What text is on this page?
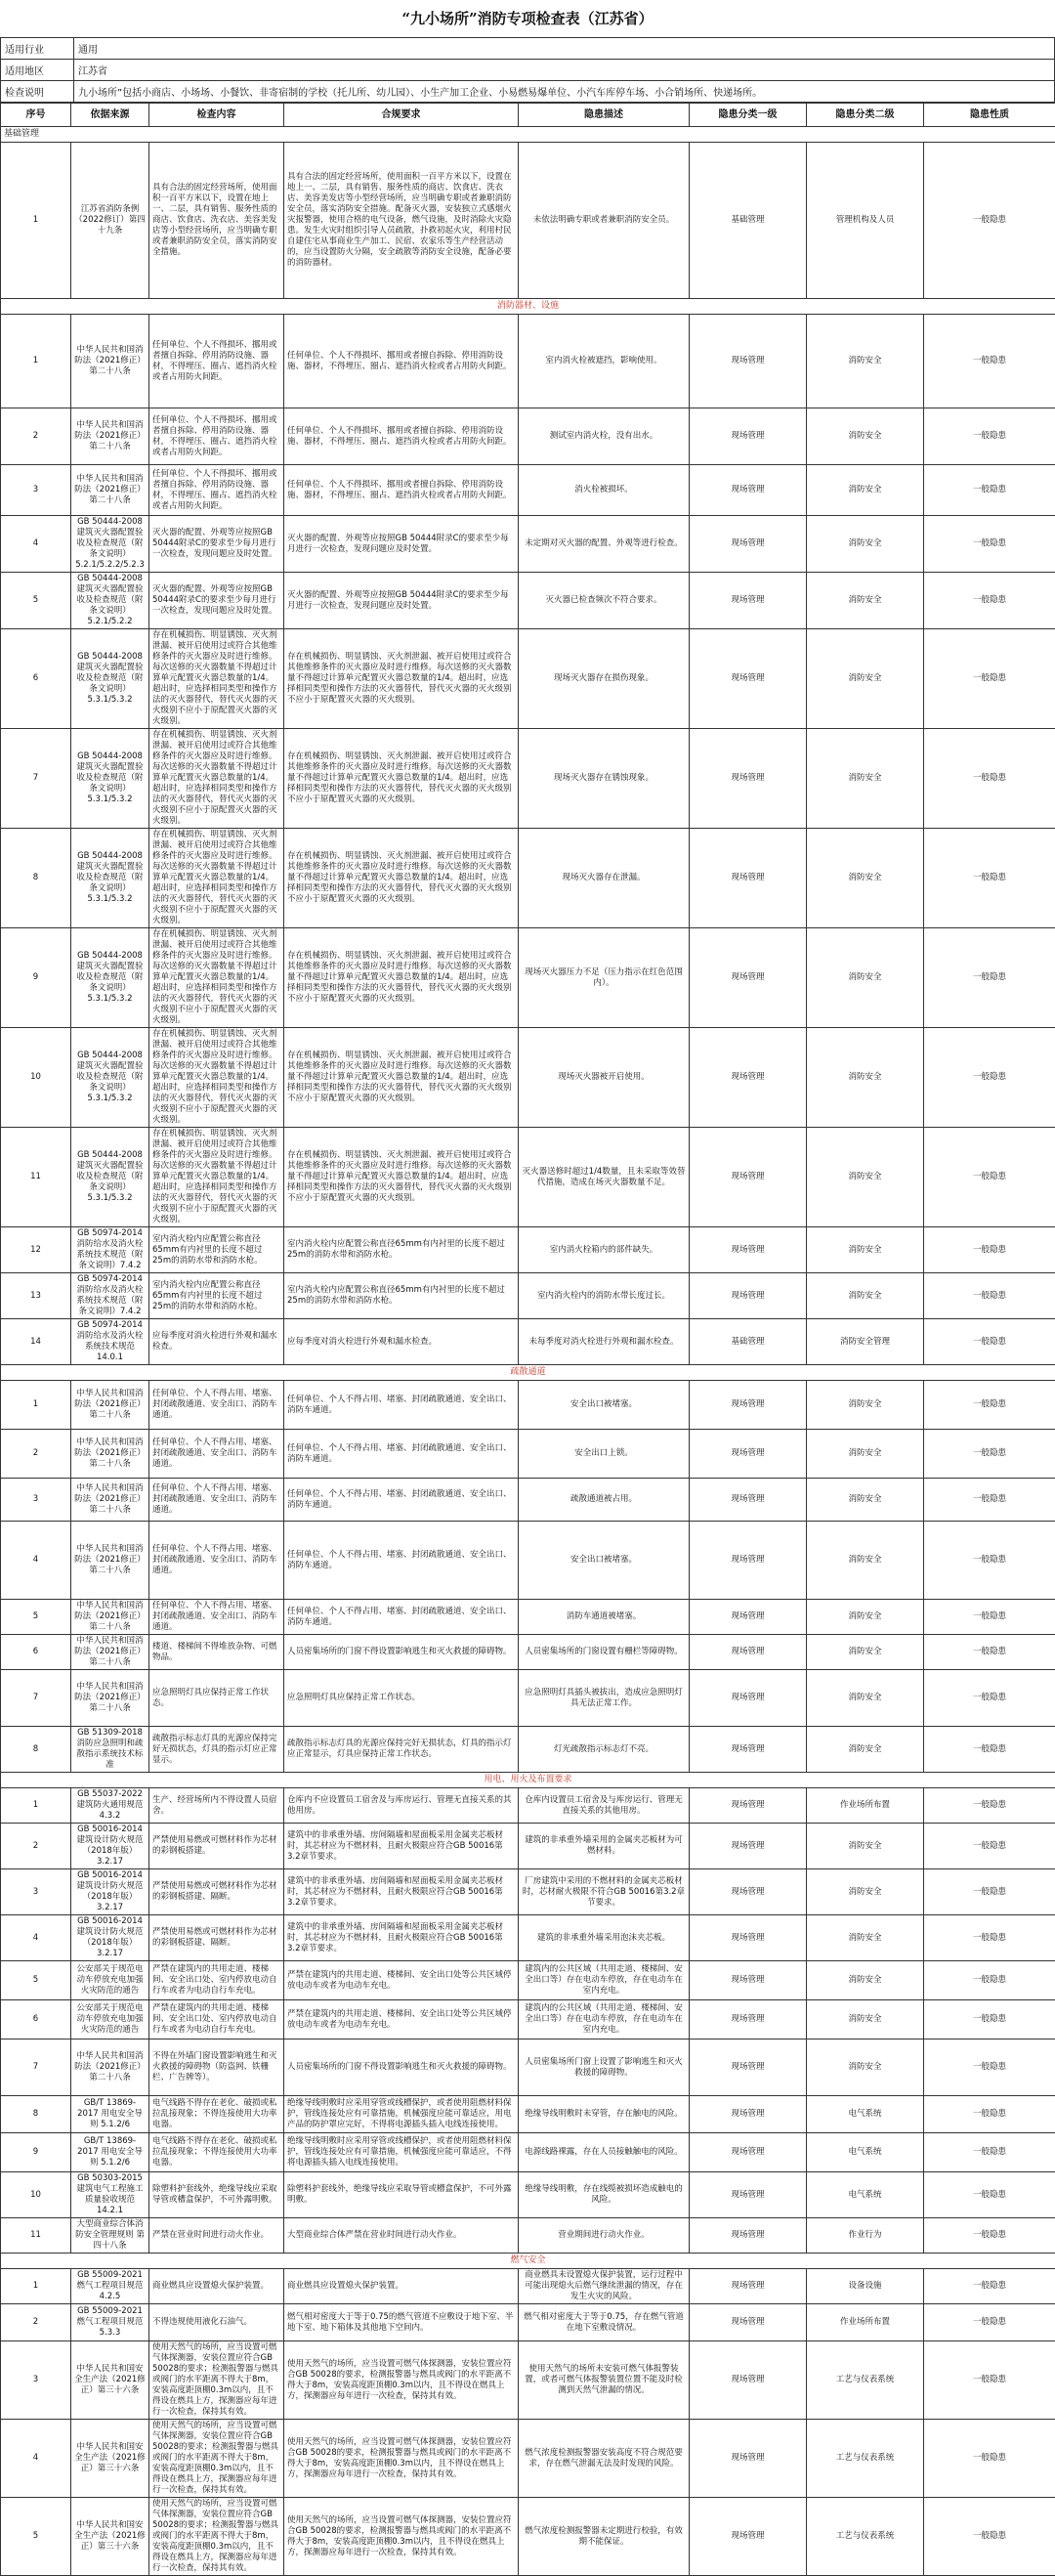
“九小场所”消防专项检查表（江苏省）
适用行业	通用
适用地区	江苏省
检查说明	九小场所”包括小商店、小场场、小餐饮、非寄宿制的学校（托儿所、幼儿园）、小生产加工企业、小易燃易爆单位、小汽车库停车场、小合销场所、快递场所。
序号	依据来源	检查内容	合规要求	隐患描述	隐患分类一级	隐患分类二级	隐患性质
基础管理							
1	江苏省消防条例（2022修订）第四十九条	具有合法的固定经营场所，使用面积一百平方米以下，设置在地上一、二层，具有销售、服务性质的商店、饮食店、洗衣店、美容美发店等小型经营场所，应当明确专职或者兼职消防安全员，落实消防安全措施。	具有合法的固定经营场所，使用面积一百平方米以下，设置在地上一、二层，具有销售、服务性质的商店、饮食店、洗衣店、美容美发店等小型经营场所，应当明确专职或者兼职消防安全员，落实消防安全措施。配备灭火器，安装独立式感烟火灾报警器，使用合格的电气设备，燃气设施，及时消除火灾隐患。发生火灾时组织引导人员疏散，扑救初起火灾，利用村民自建住宅从事商业生产加工、民宿、农家乐等生产经营活动的，应当设置防火分隔，安全疏散等消防安全设施，配备必要的消防器材。	未依法明确专职或者兼职消防安全员。	基础管理	管理机构及人员	一般隐患
消防器材、设施							
1	中华人民共和国消防法（2021修正）第二十八条	任何单位、个人不得损坏、挪用或者擅自拆除、停用消防设施、器材，不得埋压、圈占、遮挡消火栓或者占用防火间距。	任何单位、个人不得损坏、挪用或者擅自拆除、停用消防设施、器材，不得埋压、圈占、遮挡消火栓或者占用防火间距。	室内消火栓被遮挡，影响使用。	现场管理	消防安全	一般隐患
2	中华人民共和国消防法（2021修正）第二十八条	任何单位、个人不得损坏、挪用或者擅自拆除、停用消防设施、器材，不得埋压、圈占、遮挡消火栓或者占用防火间距。	任何单位、个人不得损坏、挪用或者擅自拆除、停用消防设施、器材，不得埋压、圈占、遮挡消火栓或者占用防火间距。	测试室内消火栓，没有出水。	现场管理	消防安全	一般隐患
3	中华人民共和国消防法（2021修正）第二十八条	任何单位、个人不得损坏、挪用或者擅自拆除、停用消防设施、器材，不得埋压、圈占、遮挡消火栓或者占用防火间距。	任何单位、个人不得损坏、挪用或者擅自拆除、停用消防设施、器材，不得埋压、圈占、遮挡消火栓或者占用防火间距。	消火栓被损坏。	现场管理	消防安全	一般隐患
4	GB 50444-2008 建筑灭火器配置验收及检查规范（附条文说明）5.2.1/5.2.2/5.2.3	灭火器的配置、外观等应按照GB 50444附录C的要求至少每月进行一次检查，发现问题应及时处置。	灭火器的配置、外观等应按照GB 50444附录C的要求至少每月进行一次检查，发现问题应及时处置。	未定期对灭火器的配置、外观等进行检查。	现场管理	消防安全	一般隐患
5	GB 50444-2008 建筑灭火器配置验收及检查规范（附条文说明）5.2.1/5.2.2	灭火器的配置、外观等应按照GB 50444附录C的要求至少每月进行一次检查，发现问题应及时处置。	灭火器的配置、外观等应按照GB 50444附录C的要求至少每月进行一次检查，发现问题应及时处置。	灭火器已检查频次不符合要求。	现场管理	消防安全	一般隐患
6	GB 50444-2008 建筑灭火器配置验收及检查规范（附条文说明）5.3.1/5.3.2	存在机械损伤、明显锈蚀、灭火剂泄漏、被开启使用过或符合其他维修条件的灭火器应及时进行维修。每次送修的灭火器数量不得超过计算单元配置灭火器总数量的1/4。超出时，应选择相同类型和操作方法的灭火器替代，替代灭火器的灭火级别不应小于原配置灭火器的灭火级别。	存在机械损伤、明显锈蚀、灭火剂泄漏、被开启使用过或符合其他维修条件的灭火器应及时进行维修。每次送修的灭火器数量不得超过计算单元配置灭火器总数量的1/4。超出时，应选择相同类型和操作方法的灭火器替代，替代灭火器的灭火级别不应小于原配置灭火器的灭火级别。	现场灭火器存在损伤现象。	现场管理	消防安全	一般隐患
7	GB 50444-2008 建筑灭火器配置验收及检查规范（附条文说明）5.3.1/5.3.2	存在机械损伤、明显锈蚀、灭火剂泄漏、被开启使用过或符合其他维修条件的灭火器应及时进行维修。每次送修的灭火器数量不得超过计算单元配置灭火器总数量的1/4。超出时，应选择相同类型和操作方法的灭火器替代，替代灭火器的灭火级别不应小于原配置灭火器的灭火级别。	存在机械损伤、明显锈蚀、灭火剂泄漏、被开启使用过或符合其他维修条件的灭火器应及时进行维修。每次送修的灭火器数量不得超过计算单元配置灭火器总数量的1/4。超出时，应选择相同类型和操作方法的灭火器替代，替代灭火器的灭火级别不应小于原配置灭火器的灭火级别。	现场灭火器存在锈蚀现象。	现场管理	消防安全	一般隐患
8	GB 50444-2008 建筑灭火器配置验收及检查规范（附条文说明）5.3.1/5.3.2	存在机械损伤、明显锈蚀、灭火剂泄漏、被开启使用过或符合其他维修条件的灭火器应及时进行维修。每次送修的灭火器数量不得超过计算单元配置灭火器总数量的1/4。超出时，应选择相同类型和操作方法的灭火器替代，替代灭火器的灭火级别不应小于原配置灭火器的灭火级别。	存在机械损伤、明显锈蚀、灭火剂泄漏、被开启使用过或符合其他维修条件的灭火器应及时进行维修。每次送修的灭火器数量不得超过计算单元配置灭火器总数量的1/4。超出时，应选择相同类型和操作方法的灭火器替代，替代灭火器的灭火级别不应小于原配置灭火器的灭火级别。	现场灭火器存在泄漏。	现场管理	消防安全	一般隐患
9	GB 50444-2008 建筑灭火器配置验收及检查规范（附条文说明）5.3.1/5.3.2	存在机械损伤、明显锈蚀、灭火剂泄漏、被开启使用过或符合其他维修条件的灭火器应及时进行维修。每次送修的灭火器数量不得超过计算单元配置灭火器总数量的1/4。超出时，应选择相同类型和操作方法的灭火器替代，替代灭火器的灭火级别不应小于原配置灭火器的灭火级别。	存在机械损伤、明显锈蚀、灭火剂泄漏、被开启使用过或符合其他维修条件的灭火器应及时进行维修。每次送修的灭火器数量不得超过计算单元配置灭火器总数量的1/4。超出时，应选择相同类型和操作方法的灭火器替代，替代灭火器的灭火级别不应小于原配置灭火器的灭火级别。	现场灭火器压力不足（压力指示在红色范围内）。	现场管理	消防安全	一般隐患
10	GB 50444-2008 建筑灭火器配置验收及检查规范（附条文说明）5.3.1/5.3.2	存在机械损伤、明显锈蚀、灭火剂泄漏、被开启使用过或符合其他维修条件的灭火器应及时进行维修。每次送修的灭火器数量不得超过计算单元配置灭火器总数量的1/4。超出时，应选择相同类型和操作方法的灭火器替代，替代灭火器的灭火级别不应小于原配置灭火器的灭火级别。	存在机械损伤、明显锈蚀、灭火剂泄漏、被开启使用过或符合其他维修条件的灭火器应及时进行维修。每次送修的灭火器数量不得超过计算单元配置灭火器总数量的1/4。超出时，应选择相同类型和操作方法的灭火器替代，替代灭火器的灭火级别不应小于原配置灭火器的灭火级别。	现场灭火器被开启使用。	现场管理	消防安全	一般隐患
11	GB 50444-2008 建筑灭火器配置验收及检查规范（附条文说明）5.3.1/5.3.2	存在机械损伤、明显锈蚀、灭火剂泄漏、被开启使用过或符合其他维修条件的灭火器应及时进行维修。每次送修的灭火器数量不得超过计算单元配置灭火器总数量的1/4。超出时，应选择相同类型和操作方法的灭火器替代，替代灭火器的灭火级别不应小于原配置灭火器的灭火级别。	存在机械损伤、明显锈蚀、灭火剂泄漏、被开启使用过或符合其他维修条件的灭火器应及时进行维修。每次送修的灭火器数量不得超过计算单元配置灭火器总数量的1/4。超出时，应选择相同类型和操作方法的灭火器替代，替代灭火器的灭火级别不应小于原配置灭火器的灭火级别。	灭火器送修时超过1/4数量，且未采取等效替代措施，造成在场灭火器数量不足。	现场管理	消防安全	一般隐患
12	GB 50974-2014 消防给水及消火栓系统技术规范（附条文说明）7.4.2	室内消火栓内应配置公称直径65mm有内衬里的长度不超过25m的消防水带和消防水枪。	室内消火栓内应配置公称直径65mm有内衬里的长度不超过25m的消防水带和消防水枪。	室内消火栓箱内的部件缺失。	现场管理	消防安全	一般隐患
13	GB 50974-2014 消防给水及消火栓系统技术规范（附条文说明）7.4.2	室内消火栓内应配置公称直径65mm有内衬里的长度不超过25m的消防水带和消防水枪。	室内消火栓内应配置公称直径65mm有内衬里的长度不超过25m的消防水带和消防水枪。	室内消火栓内的消防水带长度过长。	现场管理	消防安全	一般隐患
14	GB 50974-2014 消防给水及消火栓系统技术规范14.0.1	应每季度对消火栓进行外观和漏水检查。	应每季度对消火栓进行外观和漏水检查。	未每季度对消火栓进行外观和漏水检查。	基础管理	消防安全管理	一般隐患
疏散通道							
1	中华人民共和国消防法（2021修正）第二十八条	任何单位、个人不得占用、堵塞、封闭疏散通道、安全出口、消防车通道。	任何单位、个人不得占用、堵塞、封闭疏散通道、安全出口、消防车通道。	安全出口被堵塞。	现场管理	消防安全	一般隐患
2	中华人民共和国消防法（2021修正）第二十八条	任何单位、个人不得占用、堵塞、封闭疏散通道、安全出口、消防车通道。	任何单位、个人不得占用、堵塞、封闭疏散通道、安全出口、消防车通道。	安全出口上锁。	现场管理	消防安全	一般隐患
3	中华人民共和国消防法（2021修正）第二十八条	任何单位、个人不得占用、堵塞、封闭疏散通道、安全出口、消防车通道。	任何单位、个人不得占用、堵塞、封闭疏散通道、安全出口、消防车通道。	疏散通道被占用。	现场管理	消防安全	一般隐患
4	中华人民共和国消防法（2021修正）第二十八条	任何单位、个人不得占用、堵塞、封闭疏散通道、安全出口、消防车通道。	任何单位、个人不得占用、堵塞、封闭疏散通道、安全出口、消防车通道。	安全出口被堵塞。	现场管理	消防安全	一般隐患
5	中华人民共和国消防法（2021修正）第二十八条	任何单位、个人不得占用、堵塞、封闭疏散通道、安全出口、消防车通道。	任何单位、个人不得占用、堵塞、封闭疏散通道、安全出口、消防车通道。	消防车通道被堵塞。	现场管理	消防安全	一般隐患
6	中华人民共和国消防法（2021修正）第二十八条	楼道、楼梯间不得堆放杂物、可燃物品。	人员密集场所的门窗不得设置影响逃生和灭火救援的障碍物。	人员密集场所的门窗设置有栅栏等障碍物。	现场管理	消防安全	一般隐患
7	中华人民共和国消防法（2021修正）第二十八条	应急照明灯具应保持正常工作状态。	应急照明灯具应保持正常工作状态。	应急照明灯具插头被拔出，造成应急照明灯具无法正常工作。	现场管理	消防安全	一般隐患
8	GB 51309-2018 消防应急照明和疏散指示系统技术标准	疏散指示标志灯具的光源应保持完好无损状态，灯具的指示灯应正常显示。	疏散指示标志灯具的光源应保持完好无损状态，灯具的指示灯应正常显示，灯具应保持正常工作状态。	灯光疏散指示标志灯不亮。	现场管理	消防安全	一般隐患
用电、用火及布置要求							
1	GB 55037-2022 建筑防火通用规范 4.3.2	生产、经营场所内不得设置人员宿舍。	仓库内不应设置员工宿舍及与库房运行、管理无直接关系的其他用房。	仓库内设置员工宿舍及与库房运行、管理无直接关系的其他用房。	现场管理	作业场所布置	一般隐患
2	GB 50016-2014 建筑设计防火规范（2018年版）3.2.17	严禁使用易燃或可燃材料作为芯材的彩钢板搭建。	建筑中的非承重外墙、房间隔墙和屋面板采用金属夹芯板材时，其芯材应为不燃材料，且耐火极限应符合GB 50016第3.2章节要求。	建筑的非承重外墙采用的金属夹芯板材为可燃材料。	现场管理	消防安全	一般隐患
3	GB 50016-2014 建筑设计防火规范（2018年版）3.2.17	严禁使用易燃或可燃材料作为芯材的彩钢板搭建、隔断。	建筑中的非承重外墙、房间隔墙和屋面板采用金属夹芯板材时，其芯材应为不燃材料，且耐火极限应符合GB 50016第3.2章节要求。	厂房建筑中采用的不燃材料的金属夹芯板材时，芯材耐火极限不符合GB 50016第3.2章节要求。	现场管理	消防安全	一般隐患
4	GB 50016-2014 建筑设计防火规范（2018年版）3.2.17	严禁使用易燃或可燃材料作为芯材的彩钢板搭建、隔断。	建筑中的非承重外墙、房间隔墙和屋面板采用金属夹芯板材时，其芯材应为不燃材料，且耐火极限应符合GB 50016第3.2章节要求。	建筑的非承重外墙采用泡沫夹芯板。	现场管理	消防安全	一般隐患
5	公安部关于规范电动车停放充电加强火灾防范的通告	严禁在建筑内的共用走道、楼梯间、安全出口处、室内停放电动自行车或者为电动自行车充电。	严禁在建筑内的共用走道、楼梯间、安全出口处等公共区域停放电动车或者为电动车充电。	建筑内的公共区域（共用走道、楼梯间、安全出口等）存在电动车停放，存在电动车在室内充电。	现场管理	消防安全	一般隐患
6	公安部关于规范电动车停放充电加强火灾防范的通告	严禁在建筑内的共用走道、楼梯间、安全出口处、室内停放电动自行车或者为电动自行车充电。	严禁在建筑内的共用走道、楼梯间、安全出口处等公共区域停放电动车或者为电动车充电。	建筑内的公共区域（共用走道、楼梯间、安全出口等）存在电动车停放，存在电动车在室内充电。	现场管理	消防安全	一般隐患
7	中华人民共和国消防法（2021修正）第二十八条	不得在外墙门窗设置影响逃生和灭火救援的障碍物（防盗网、铁栅栏、广告牌等）。	人员密集场所的门窗不得设置影响逃生和灭火救援的障碍物。	人员密集场所门窗上设置了影响逃生和灭火救援的障碍物。	现场管理	消防安全	一般隐患
8	GB/T 13869-2017 用电安全导则 5.1.2/6	电气线路不得存在老化、破损或私拉乱接现象；不得连接使用大功率电器。	绝缘导线明敷时应采用穿管或线槽保护，或者使用阻燃材料保护，管线连接处应有可靠措施，机械强度应能可靠适应，用电产品的防护罩应完好，不得将电源插头插入电线连接使用。	绝缘导线明敷时未穿管，存在触电的风险。	现场管理	电气系统	一般隐患
9	GB/T 13869-2017 用电安全导则 5.1.2/6	电气线路不得存在老化、破损或私拉乱接现象；不得连接使用大功率电器。	绝缘导线明敷时应采用穿管或线槽保护，或者使用阻燃材料保护，管线连接处应有可靠措施，机械强度应能可靠适应，不得将电源插头插入电线连接使用。	电源线路裸露，存在人员接触触电的风险。	现场管理	电气系统	一般隐患
10	GB 50303-2015 建筑电气工程施工质量验收规范 14.2.1	除塑料护套线外，绝缘导线应采取导管或槽盒保护，不可外露明敷。	除塑料护套线外，绝缘导线应采取导管或槽盒保护，不可外露明敷。	绝缘导线明敷，存在线缆被损坏造成触电的风险。	现场管理	电气系统	一般隐患
11	大型商业综合体消防安全管理规则 第四十八条	严禁在营业时间进行动火作业。	大型商业综合体严禁在营业时间进行动火作业。	营业期间进行动火作业。	现场管理	作业行为	一般隐患
燃气安全							
1	GB 55009-2021 燃气工程项目规范 4.2.5	商业燃具应设置熄火保护装置。	商业燃具应设置熄火保护装置。	商业燃具未设置熄火保护装置，运行过程中可能出现熄火后燃气继续泄漏的情况，存在发生火灾的风险。	现场管理	设备设施	一般隐患
2	GB 55009-2021 燃气工程项目规范 5.3.3	不得违规使用液化石油气。	燃气相对密度大于等于0.75的燃气管道不应敷设于地下室、半地下室、地下箱体及其他地下空间内。	燃气相对密度大于等于0.75，存在燃气管道在地下室敷设情况。	现场管理	作业场所布置	一般隐患
3	中华人民共和国安全生产法（2021修正）第三十六条	使用天然气的场所，应当设置可燃气体探测器，安装位置应符合GB 50028的要求；检测报警器与燃具或阀门的水平距离不得大于8m，安装高度距顶棚0.3m以内，且不得设在燃具上方，探测器应每年进行一次检查，保持其有效。	使用天然气的场所，应当设置可燃气体探测器，安装位置应符合GB 50028的要求，检测报警器与燃具或阀门的水平距离不得大于8m，安装高度距顶棚0.3m以内，且不得设在燃具上方，探测器应每年进行一次检查，保持其有效。	使用天然气的场所未安装可燃气体报警装置，或者可燃气体报警装置位置不能及时检测到天然气泄漏的情况。	现场管理	工艺与仪表系统	一般隐患
4	中华人民共和国安全生产法（2021修正）第三十六条	使用天然气的场所，应当设置可燃气体探测器，安装位置应符合GB 50028的要求；检测报警器与燃具或阀门的水平距离不得大于8m，安装高度距顶棚0.3m以内，且不得设在燃具上方，探测器应每年进行一次检查，保持其有效。	使用天然气的场所，应当设置可燃气体探测器，安装位置应符合GB 50028的要求，检测报警器与燃具或阀门的水平距离不得大于8m，安装高度距顶棚0.3m以内，且不得设在燃具上方，探测器应每年进行一次检查，保持其有效。	燃气浓度检测报警器安装高度不符合规范要求，存在燃气泄漏无法及时发现的风险。	现场管理	工艺与仪表系统	一般隐患
5	中华人民共和国安全生产法（2021修正）第三十六条	使用天然气的场所，应当设置可燃气体探测器，安装位置应符合GB 50028的要求；检测报警器与燃具或阀门的水平距离不得大于8m，安装高度距顶棚0.3m以内，且不得设在燃具上方，探测器应每年进行一次检查，保持其有效。	使用天然气的场所，应当设置可燃气体探测器，安装位置应符合GB 50028的要求，检测报警器与燃具或阀门的水平距离不得大于8m，安装高度距顶棚0.3m以内，且不得设在燃具上方，探测器应每年进行一次检查，保持其有效。	燃气浓度检测报警器未定期进行校验，有效期不能保证。	现场管理	工艺与仪表系统	一般隐患
